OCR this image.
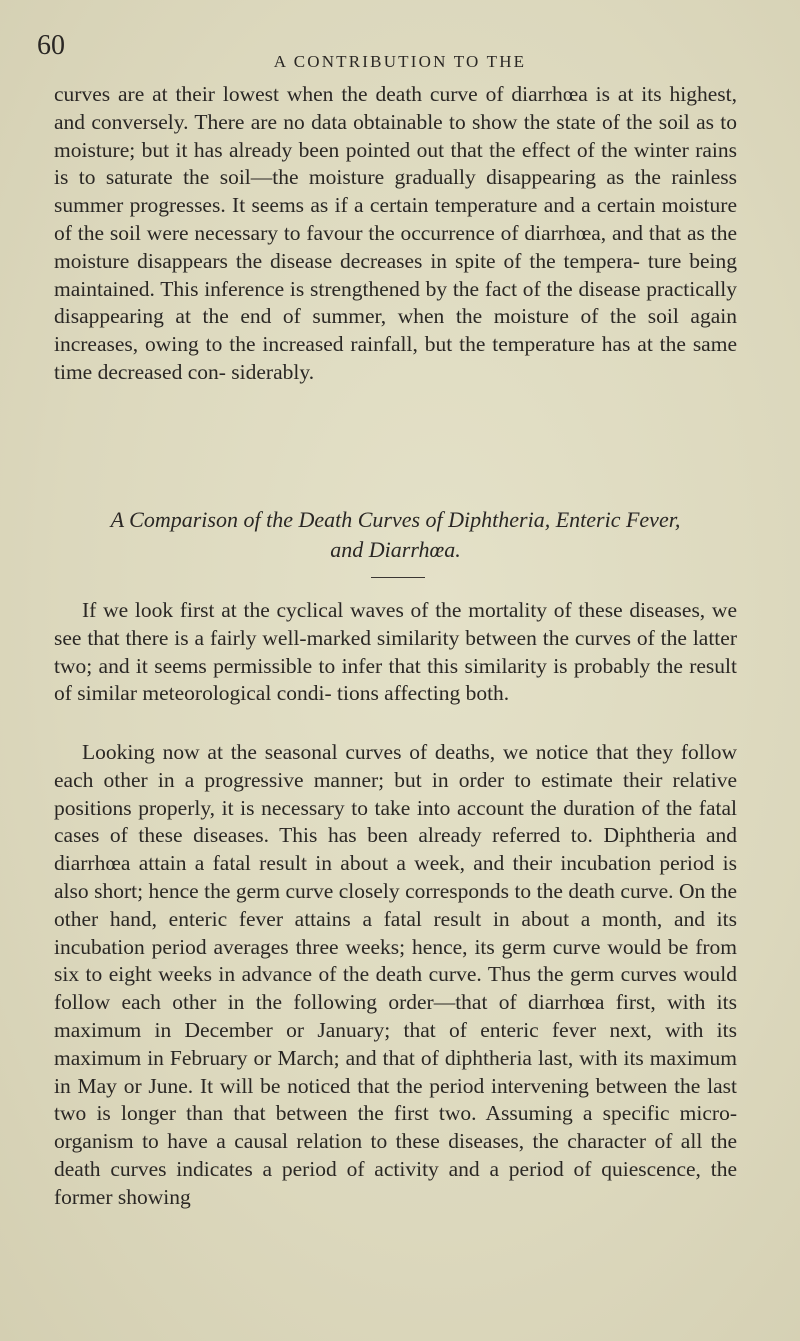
60
A CONTRIBUTION TO THE

curves are at their lowest when the death curve of diarrhœa is at its highest, and conversely. There are no data obtainable to show the state of the soil as to moisture; but it has already been pointed out that the effect of the winter rains is to saturate the soil—the moisture gradually disappearing as the rainless summer progresses. It seems as if a certain temperature and a certain moisture of the soil were necessary to favour the occurrence of diarrhœa, and that as the moisture disappears the disease decreases in spite of the tempera- ture being maintained. This inference is strengthened by the fact of the disease practically disappearing at the end of summer, when the moisture of the soil again increases, owing to the increased rainfall, but the temperature has at the same time decreased con- siderably.

A Comparison of the Death Curves of Diphtheria, Enteric Fever,
and Diarrhœa.

If we look first at the cyclical waves of the mortality of these diseases, we see that there is a fairly well-marked similarity between the curves of the latter two; and it seems permissible to infer that this similarity is probably the result of similar meteorological condi- tions affecting both.

Looking now at the seasonal curves of deaths, we notice that they follow each other in a progressive manner; but in order to estimate their relative positions properly, it is necessary to take into account the duration of the fatal cases of these diseases. This has been already referred to. Diphtheria and diarrhœa attain a fatal result in about a week, and their incubation period is also short; hence the germ curve closely corresponds to the death curve. On the other hand, enteric fever attains a fatal result in about a month, and its incubation period averages three weeks; hence, its germ curve would be from six to eight weeks in advance of the death curve. Thus the germ curves would follow each other in the following order—that of diarrhœa first, with its maximum in December or January; that of enteric fever next, with its maximum in February or March; and that of diphtheria last, with its maximum in May or June. It will be noticed that the period intervening between the last two is longer than that between the first two. Assuming a specific micro-organism to have a causal relation to these diseases, the character of all the death curves indicates a period of activity and a period of quiescence, the former showing
